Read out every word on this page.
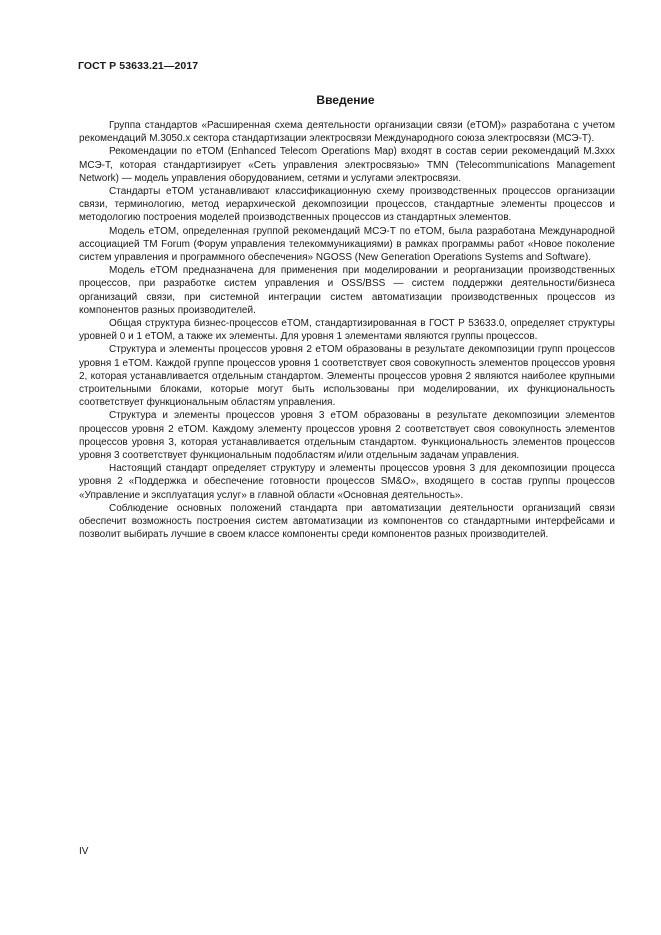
ГОСТ Р 53633.21—2017
Введение

Группа стандартов «Расширенная схема деятельности организации связи (eTOM)» разработана с учетом рекомендаций М.3050.х сектора стандартизации электросвязи Международного союза электросвязи (МСЭ-Т).

Рекомендации по eTOM (Enhanced Telecom Operations Map) входят в состав серии рекомендаций М.3ххх МСЭ-Т, которая стандартизирует «Сеть управления электросвязью» TMN (Telecommunications Management Network) — модель управления оборудованием, сетями и услугами электросвязи.

Стандарты eTOM устанавливают классификационную схему производственных процессов организации связи, терминологию, метод иерархической декомпозиции процессов, стандартные элементы процессов и методологию построения моделей производственных процессов из стандартных элементов.

Модель eTOM, определенная группой рекомендаций МСЭ-Т по eTOM, была разработана Международной ассоциацией TM Forum (Форум управления телекоммуникациями) в рамках программы работ «Новое поколение систем управления и программного обеспечения» NGOSS (New Generation Operations Systems and Software).

Модель eTOM предназначена для применения при моделировании и реорганизации производственных процессов, при разработке систем управления и OSS/BSS — систем поддержки деятельности/бизнеса организаций связи, при системной интеграции систем автоматизации производственных процессов из компонентов разных производителей.

Общая структура бизнес-процессов eTOM, стандартизированная в ГОСТ Р 53633.0, определяет структуры уровней 0 и 1 eTOM, а также их элементы. Для уровня 1 элементами являются группы процессов.

Структура и элементы процессов уровня 2 eTOM образованы в результате декомпозиции групп процессов уровня 1 eTOM. Каждой группе процессов уровня 1 соответствует своя совокупность элементов процессов уровня 2, которая устанавливается отдельным стандартом. Элементы процессов уровня 2 являются наиболее крупными строительными блоками, которые могут быть использованы при моделировании, их функциональность соответствует функциональным областям управления.

Структура и элементы процессов уровня 3 eTOM образованы в результате декомпозиции элементов процессов уровня 2 eTOM. Каждому элементу процессов уровня 2 соответствует своя совокупность элементов процессов уровня 3, которая устанавливается отдельным стандартом. Функциональность элементов процессов уровня 3 соответствует функциональным подобластям и/или отдельным задачам управления.

Настоящий стандарт определяет структуру и элементы процессов уровня 3 для декомпозиции процесса уровня 2 «Поддержка и обеспечение готовности процессов SM&O», входящего в состав группы процессов «Управление и эксплуатация услуг» в главной области «Основная деятельность».

Соблюдение основных положений стандарта при автоматизации деятельности организаций связи обеспечит возможность построения систем автоматизации из компонентов со стандартными интерфейсами и позволит выбирать лучшие в своем классе компоненты среди компонентов разных производителей.

IV
